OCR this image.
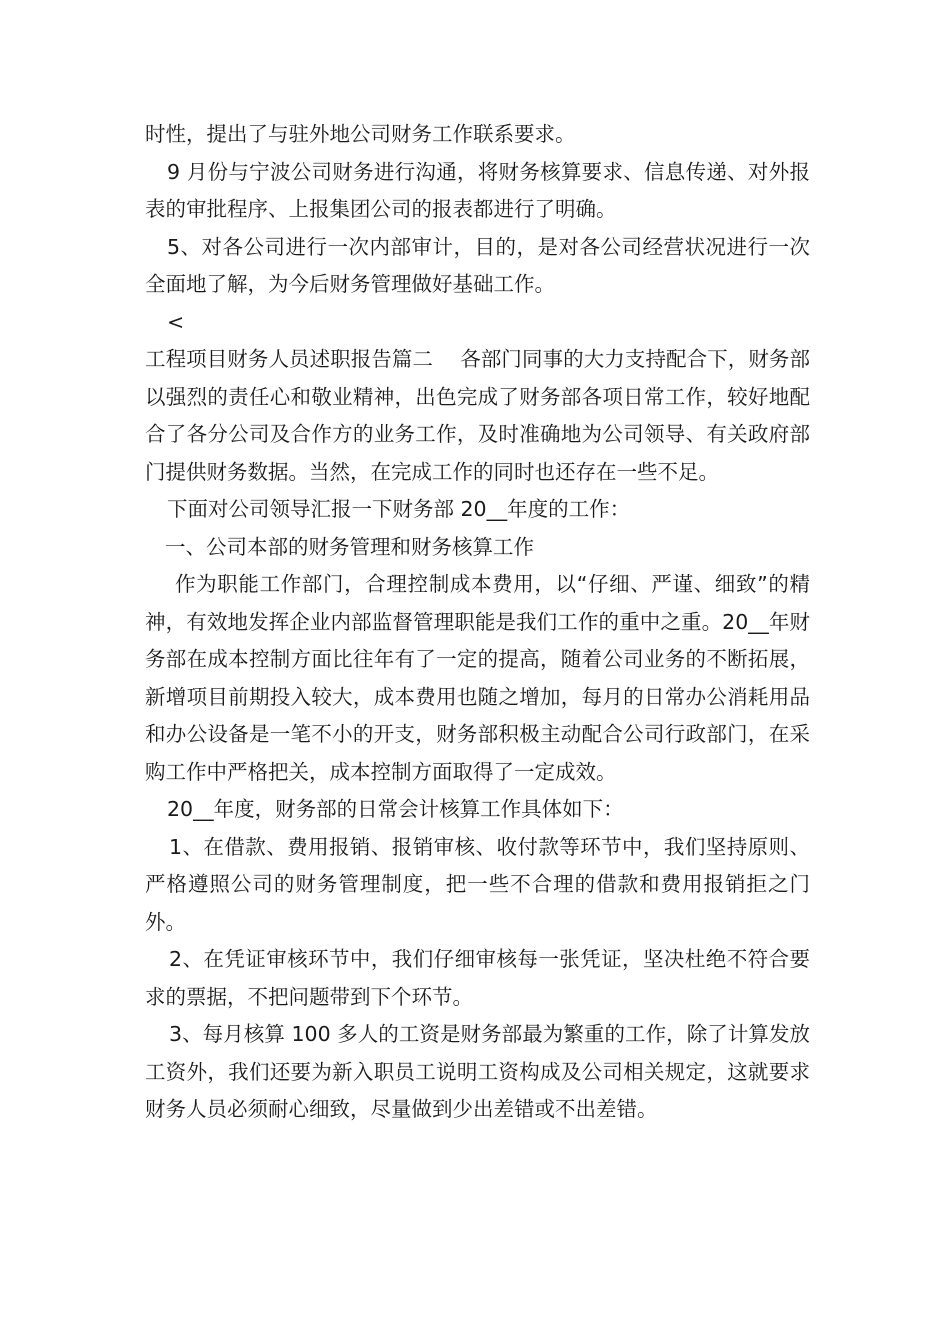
时性，提出了与驻外地公司财务工作联系要求。

9 月份与宁波公司财务进行沟通，将财务核算要求、信息传递、对外报表的审批程序、上报集团公司的报表都进行了明确。

5、对各公司进行一次内部审计，目的，是对各公司经营状况进行一次全面地了解，为今后财务管理做好基础工作。

<

工程项目财务人员述职报告篇二　 各部门同事的大力支持配合下，财务部以强烈的责任心和敬业精神，出色完成了财务部各项日常工作，较好地配合了各分公司及合作方的业务工作，及时准确地为公司领导、有关政府部门提供财务数据。当然，在完成工作的同时也还存在一些不足。

下面对公司领导汇报一下财务部 20__年度的工作：

一、公司本部的财务管理和财务核算工作

作为职能工作部门，合理控制成本费用，以“仔细、严谨、细致”的精神，有效地发挥企业内部监督管理职能是我们工作的重中之重。20__年财务部在成本控制方面比往年有了一定的提高，随着公司业务的不断拓展，新增项目前期投入较大，成本费用也随之增加，每月的日常办公消耗用品和办公设备是一笔不小的开支，财务部积极主动配合公司行政部门，在采购工作中严格把关，成本控制方面取得了一定成效。

20__年度，财务部的日常会计核算工作具体如下：

1、在借款、费用报销、报销审核、收付款等环节中，我们坚持原则、严格遵照公司的财务管理制度，把一些不合理的借款和费用报销拒之门外。

2、在凭证审核环节中，我们仔细审核每一张凭证，坚决杜绝不符合要求的票据，不把问题带到下个环节。

3、每月核算 100 多人的工资是财务部最为繁重的工作，除了计算发放工资外，我们还要为新入职员工说明工资构成及公司相关规定，这就要求财务人员必须耐心细致，尽量做到少出差错或不出差错。
